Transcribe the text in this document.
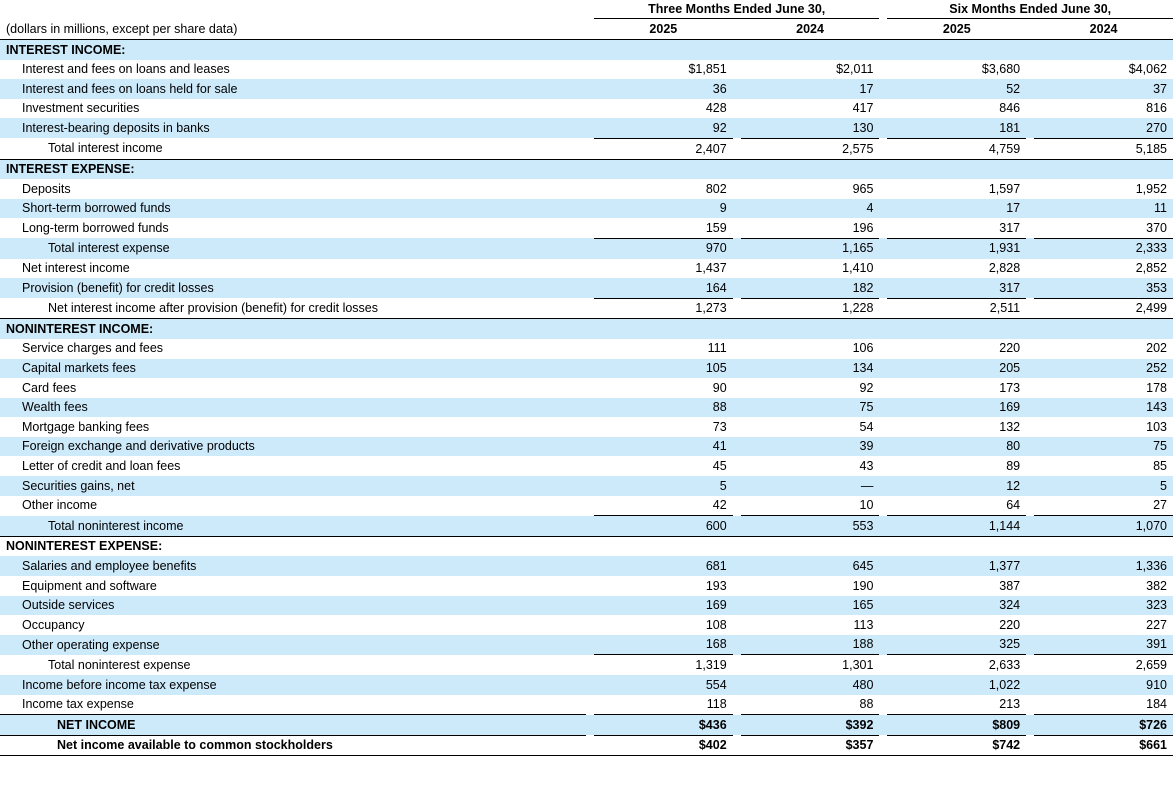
		Three Months Ended June 30,				Six Months Ended June 30,		
(dollars in millions, except per share data)		2025		2024		2025		2024
INTEREST INCOME:								
Interest and fees on loans and leases		$1,851		$2,011		$3,680		$4,062
Interest and fees on loans held for sale		36		17		52		37
Investment securities		428		417		846		816
Interest-bearing deposits in banks		92		130		181		270
Total interest income		2,407		2,575		4,759		5,185
INTEREST EXPENSE:								
Deposits		802		965		1,597		1,952
Short-term borrowed funds		9		4		17		11
Long-term borrowed funds		159		196		317		370
Total interest expense		970		1,165		1,931		2,333
Net interest income		1,437		1,410		2,828		2,852
Provision (benefit) for credit losses		164		182		317		353
Net interest income after provision (benefit) for credit losses		1,273		1,228		2,511		2,499
NONINTEREST INCOME:								
Service charges and fees		111		106		220		202
Capital markets fees		105		134		205		252
Card fees		90		92		173		178
Wealth fees		88		75		169		143
Mortgage banking fees		73		54		132		103
Foreign exchange and derivative products		41		39		80		75
Letter of credit and loan fees		45		43		89		85
Securities gains, net		5		—		12		5
Other income		42		10		64		27
Total noninterest income		600		553		1,144		1,070
NONINTEREST EXPENSE:								
Salaries and employee benefits		681		645		1,377		1,336
Equipment and software		193		190		387		382
Outside services		169		165		324		323
Occupancy		108		113		220		227
Other operating expense		168		188		325		391
Total noninterest expense		1,319		1,301		2,633		2,659
Income before income tax expense		554		480		1,022		910
Income tax expense		118		88		213		184
NET INCOME		$436		$392		$809		$726
Net income available to common stockholders		$402		$357		$742		$661
